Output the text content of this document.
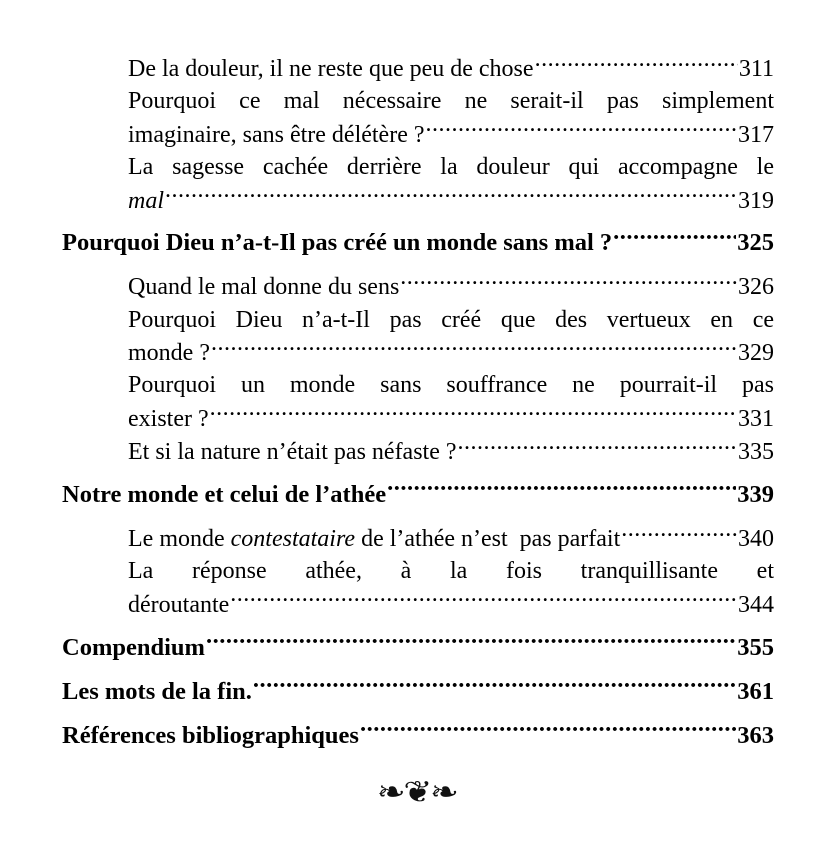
De la douleur, il ne reste que peu de chose .....	311
Pourquoi ce mal nécessaire ne serait-il pas simplement
imaginaire, sans être délétère ? .....	317
La sagesse cachée derrière la douleur qui accompagne le
mal .....	319
Pourquoi Dieu n’a-t-Il pas créé un monde sans mal ? .....	325
Quand le mal donne du sens .....	326
Pourquoi Dieu n’a-t-Il pas créé que des vertueux en ce
monde ? .....	329
Pourquoi un monde sans souffrance ne pourrait-il pas
exister ? .....	331
Et si la nature n’était pas néfaste ? .....	335
Notre monde et celui de l’athée .....	339
Le monde contestataire de l’athée n’est  pas parfait .....	340
La réponse athée, à la fois tranquillisante et
déroutante .....	344
Compendium .....	355
Les mots de la fin. .....	361
Références bibliographiques .....	363
❧❦❧
